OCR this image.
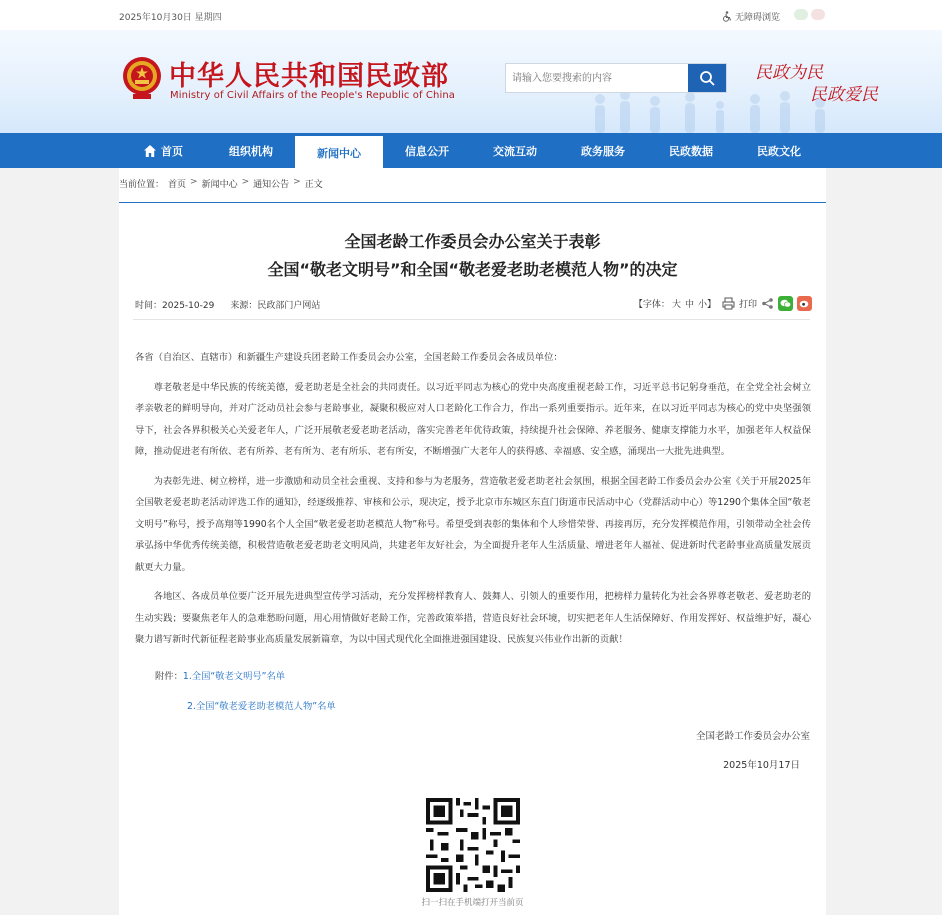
2025年10月30日 星期四	无障碍浏览
中华人民共和国民政部
Ministry of Civil Affairs of the People's Republic of China
请输入您要搜索的内容
民政为民
民政爱民
首页	组织机构	新闻中心	信息公开	交流互动	政务服务	民政数据	民政文化
当前位置： 首页 > 新闻中心 > 通知公告 > 正文
全国老龄工作委员会办公室关于表彰
全国“敬老文明号”和全国“敬老爱老助老模范人物”的决定
时间：2025-10-29 来源：民政部门户网站	【字体： 大 中 小】	打印

各省（自治区、直辖市）和新疆生产建设兵团老龄工作委员会办公室，全国老龄工作委员会各成员单位：

尊老敬老是中华民族的传统美德，爱老助老是全社会的共同责任。以习近平同志为核心的党中央高度重视老龄工作，习近平总书记躬身垂范，在全党全社会树立孝亲敬老的鲜明导向，并对广泛动员社会参与老龄事业，凝聚积极应对人口老龄化工作合力，作出一系列重要指示。近年来，在以习近平同志为核心的党中央坚强领导下，社会各界积极关心关爱老年人，广泛开展敬老爱老助老活动，落实完善老年优待政策，持续提升社会保障、养老服务、健康支撑能力水平，加强老年人权益保障，推动促进老有所依、老有所养、老有所为、老有所乐、老有所安，不断增强广大老年人的获得感、幸福感、安全感，涌现出一大批先进典型。

为表彰先进、树立榜样，进一步激励和动员全社会重视、支持和参与为老服务，营造敬老爱老助老社会氛围，根据全国老龄工作委员会办公室《关于开展2025年全国敬老爱老助老活动评选工作的通知》，经逐级推荐、审核和公示，现决定，授予北京市东城区东直门街道市民活动中心（党群活动中心）等1290个集体全国“敬老文明号”称号，授予高翔等1990名个人全国“敬老爱老助老模范人物”称号。希望受到表彰的集体和个人珍惜荣誉、再接再厉，充分发挥模范作用，引领带动全社会传承弘扬中华优秀传统美德，积极营造敬老爱老助老文明风尚，共建老年友好社会，为全面提升老年人生活质量、增进老年人福祉、促进新时代老龄事业高质量发展贡献更大力量。

各地区、各成员单位要广泛开展先进典型宣传学习活动，充分发挥榜样教育人、鼓舞人、引领人的重要作用，把榜样力量转化为社会各界尊老敬老、爱老助老的生动实践；要聚焦老年人的急难愁盼问题，用心用情做好老龄工作，完善政策举措，营造良好社会环境，切实把老年人生活保障好、作用发挥好、权益维护好，凝心聚力谱写新时代新征程老龄事业高质量发展新篇章，为以中国式现代化全面推进强国建设、民族复兴伟业作出新的贡献！

附件：1.全国“敬老文明号”名单
2.全国“敬老爱老助老模范人物”名单
全国老龄工作委员会办公室
2025年10月17日
扫一扫在手机端打开当前页
